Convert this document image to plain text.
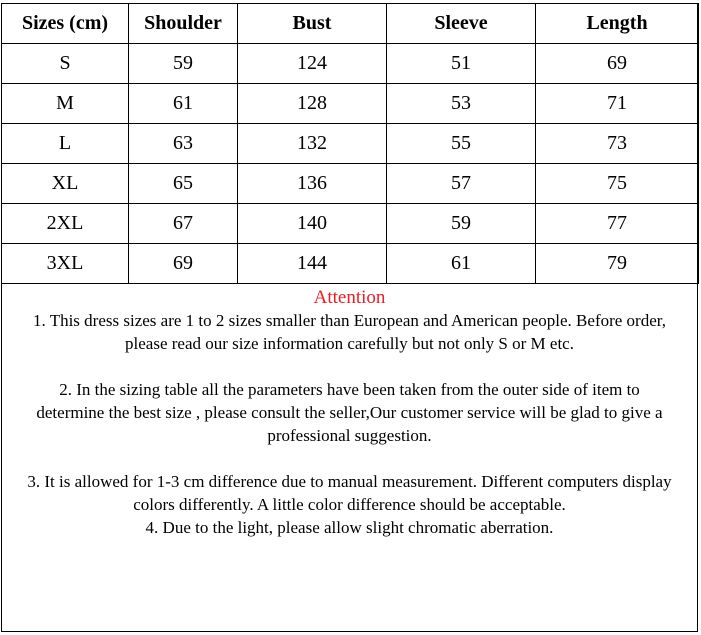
Sizes (cm)	Shoulder	Bust	Sleeve	Length
S	59	124	51	69
M	61	128	53	71
L	63	132	55	73
XL	65	136	57	75
2XL	67	140	59	77
3XL	69	144	61	79

Attention

1. This dress sizes are 1 to 2 sizes smaller than European and American people. Before order,

please read our size information carefully but not only S or M etc.

2. In the sizing table all the parameters have been taken from the outer side of item to

determine the best size , please consult the seller,Our customer service will be glad to give a

professional suggestion.

3. It is allowed for 1-3 cm difference due to manual measurement. Different computers display

colors differently. A little color difference should be acceptable.

4. Due to the light, please allow slight chromatic aberration.
